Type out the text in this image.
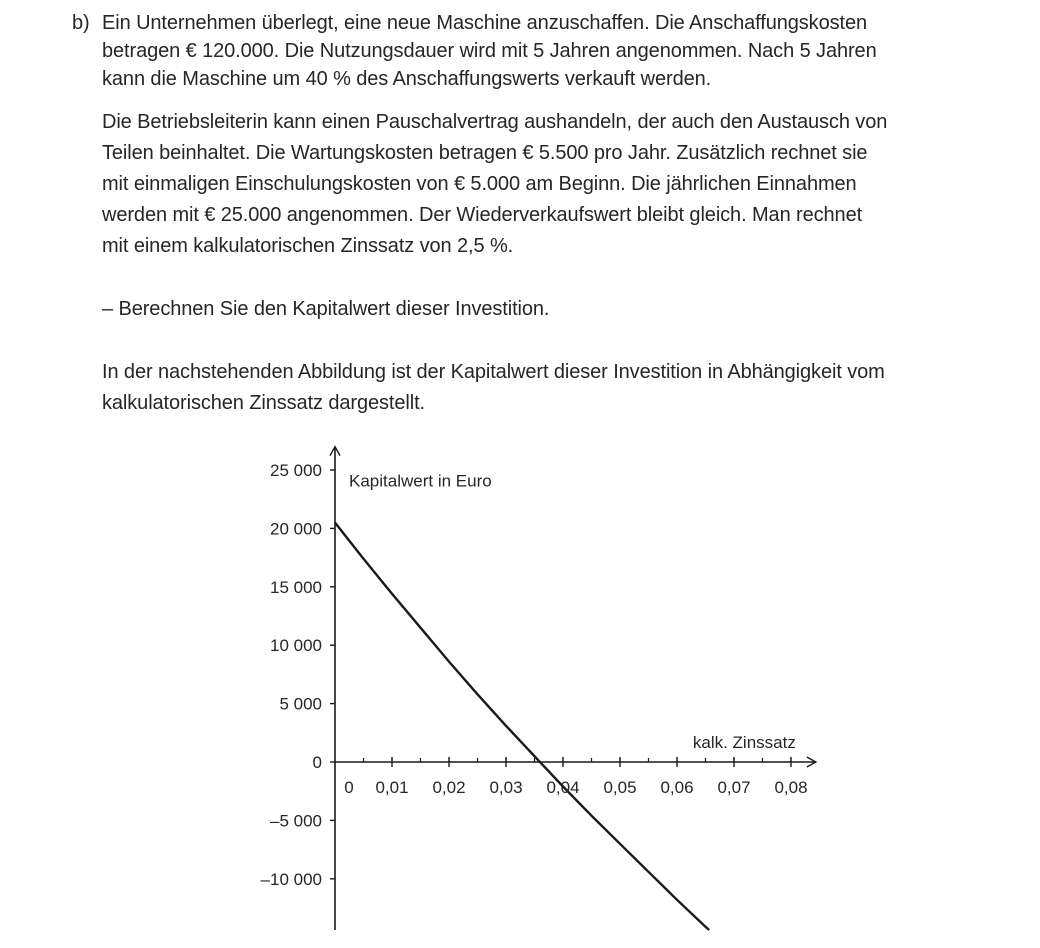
b) Ein Unternehmen überlegt, eine neue Maschine anzuschaffen. Die Anschaffungskosten
betragen € 120.000. Die Nutzungsdauer wird mit 5 Jahren angenommen. Nach 5 Jahren
kann die Maschine um 40 % des Anschaffungswerts verkauft werden.

Die Betriebsleiterin kann einen Pauschalvertrag aushandeln, der auch den Austausch von
Teilen beinhaltet. Die Wartungskosten betragen € 5.500 pro Jahr. Zusätzlich rechnet sie
mit einmaligen Einschulungskosten von € 5.000 am Beginn. Die jährlichen Einnahmen
werden mit € 25.000 angenommen. Der Wiederverkaufswert bleibt gleich. Man rechnet
mit einem kalkulatorischen Zinssatz von 2,5 %.

– Berechnen Sie den Kapitalwert dieser Investition.

In der nachstehenden Abbildung ist der Kapitalwert dieser Investition in Abhängigkeit vom
kalkulatorischen Zinssatz dargestellt.

25 000
20 000
15 000
10 000
5 000
0
–5 000
–10 000
0 0,01 0,02 0,03 0,04 0,05 0,06 0,07 0,08
Kapitalwert in Euro
kalk. Zinssatz
